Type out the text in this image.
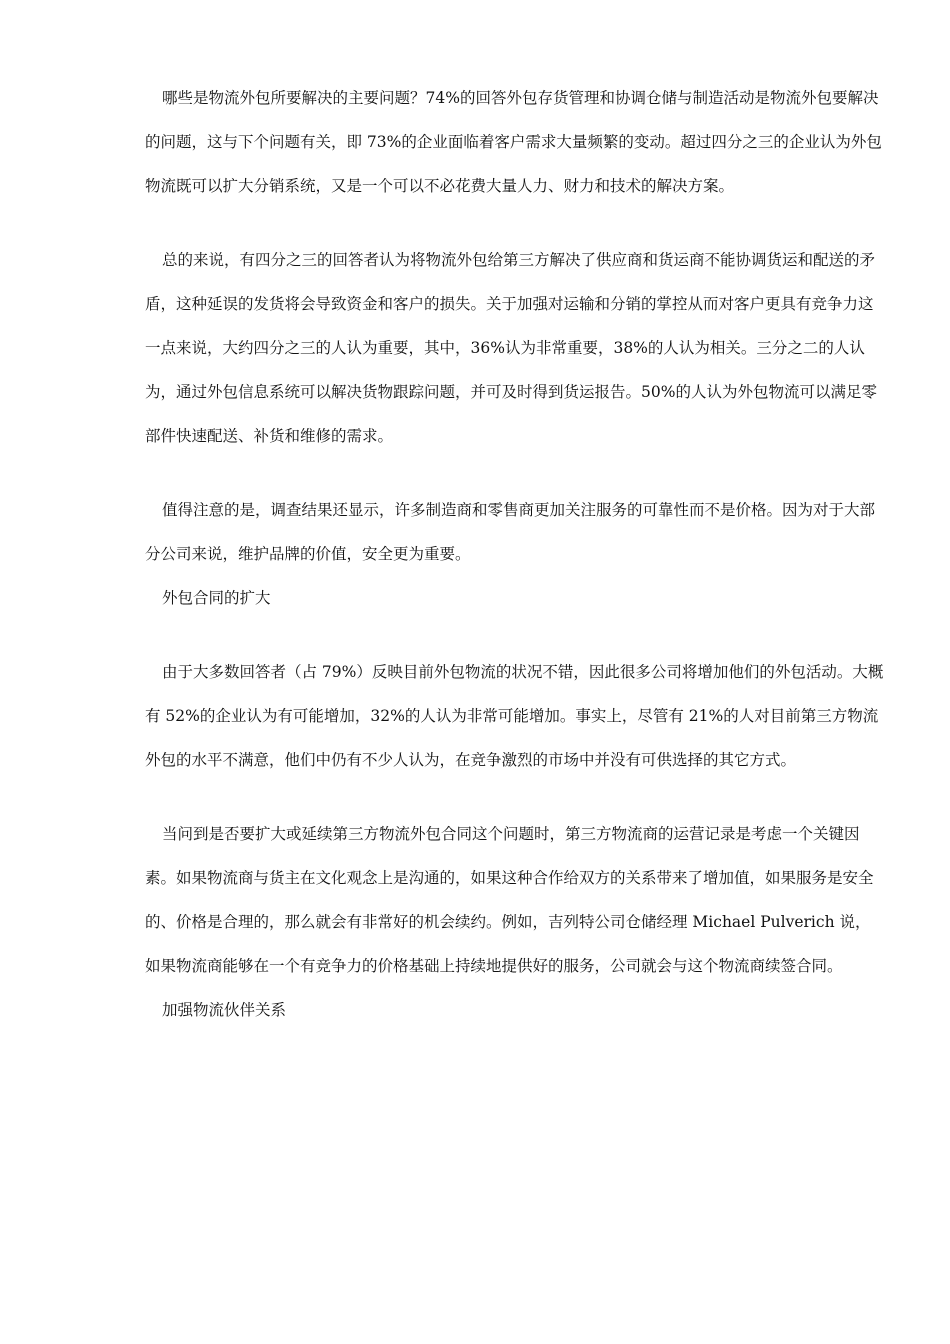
哪些是物流外包所要解决的主要问题？74%的回答外包存货管理和协调仓储与制造活动是物流外包要解决的问题，这与下个问题有关，即 73%的企业面临着客户需求大量频繁的变动。超过四分之三的企业认为外包物流既可以扩大分销系统，又是一个可以不必花费大量人力、财力和技术的解决方案。

总的来说，有四分之三的回答者认为将物流外包给第三方解决了供应商和货运商不能协调货运和配送的矛盾，这种延误的发货将会导致资金和客户的损失。关于加强对运输和分销的掌控从而对客户更具有竞争力这一点来说，大约四分之三的人认为重要，其中，36%认为非常重要，38%的人认为相关。三分之二的人认为，通过外包信息系统可以解决货物跟踪问题，并可及时得到货运报告。50%的人认为外包物流可以满足零部件快速配送、补货和维修的需求。

值得注意的是，调查结果还显示，许多制造商和零售商更加关注服务的可靠性而不是价格。因为对于大部分公司来说，维护品牌的价值，安全更为重要。

外包合同的扩大

由于大多数回答者（占 79%）反映目前外包物流的状况不错，因此很多公司将增加他们的外包活动。大概有 52%的企业认为有可能增加，32%的人认为非常可能增加。事实上，尽管有 21%的人对目前第三方物流外包的水平不满意，他们中仍有不少人认为，在竞争激烈的市场中并没有可供选择的其它方式。

当问到是否要扩大或延续第三方物流外包合同这个问题时，第三方物流商的运营记录是考虑一个关键因素。如果物流商与货主在文化观念上是沟通的，如果这种合作给双方的关系带来了增加值，如果服务是安全的、价格是合理的，那么就会有非常好的机会续约。例如，吉列特公司仓储经理 Michael Pulverich 说，如果物流商能够在一个有竞争力的价格基础上持续地提供好的服务，公司就会与这个物流商续签合同。

加强物流伙伴关系
